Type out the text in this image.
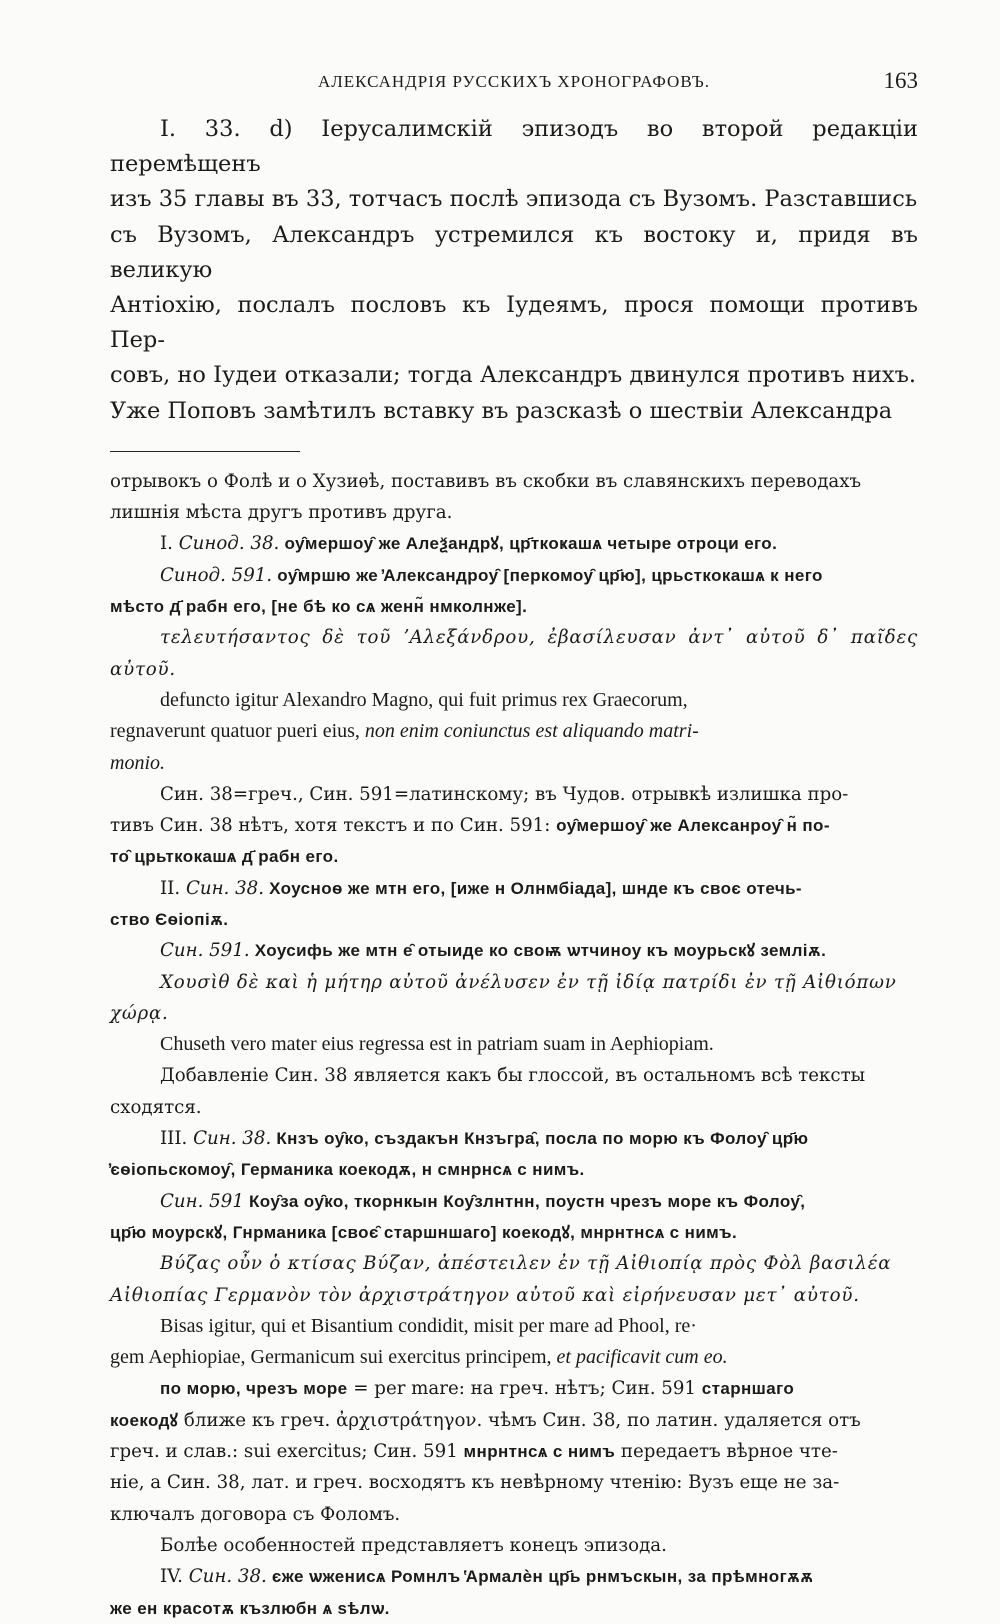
АЛЕКСАНДРІЯ РУССКИХЪ ХРОНОГРАФОВЪ.	163

I. 33. d) Іерусалимскій эпизодъ во второй редакціи перемѣщенъ

изъ 35 главы въ 33, тотчасъ послѣ эпизода съ Вузомъ. Разставшись

съ Вузомъ, Александръ устремился къ востоку и, придя въ великую

Антіохію, послалъ пословъ къ Іудеямъ, прося помощи противъ Пер-

совъ, но Іудеи отказали; тогда Александръ двинулся противъ нихъ.

Уже Поповъ замѣтилъ вставку въ разсказѣ о шествіи Александра

отрывокъ о Фолѣ и о Хузиѳѣ, поставивъ въ скобки въ славянскихъ переводахъ

лишнія мѣста другъ противъ друга.

I. Синод. 38. оу̑мершоу̑ же Алеѯандрꙋ, цр҃ткоҝашѧ четыре отроци его.

Синод. 591. оу̑мршю же ̓Александроу̑ [перкомоу̑ цр҃ю], црьсткокашѧ к него

мѣсто д҃ рабн его, [не бѣ ко сѧ женн̃ нмколнже].

τελευτήσαντος δὲ τοῦ ʼΑλεξάνδρου, ἐβασίλευσαν ἀντ᾿ αὐτοῦ δ᾿ παῖδες αὐτοῦ.

defuncto igitur Alexandro Magno, qui fuit primus rex Graecorum,

regnaverunt quatuor pueri eius, non enim coniunctus est aliquando matri-

monio.

Син. 38=греч., Син. 591=латинскому; въ Чудов. отрывкѣ излишка про-

тивъ Син. 38 нѣтъ, хотя текстъ и по Син. 591: оу̑мершоу̑ же Алексанроу̑ н̃ по-

то̑ црьткокашѧ д҃ рабн его.

II. Син. 38. Хоусноѳ же мтн его, [иже н Олнмбіада], шнде къ своє отечь-

ство Єѳіопіѫ.

Син. 591. Хоусифь же мтн е̑ отыиде ко своѭ ѡтчиноу къ моурьскꙋ земліѫ.

Χουσὶθ δὲ καὶ ἡ μήτηρ αὐτοῦ ἀνέλυσεν ἐν τῇ ἰδίᾳ πατρίδι ἐν τῇ Αἰθιόπων

χώρᾳ.

Chuseth vero mater eius regressa est in patriam suam in Aephiopiam.

Добавленіе Син. 38 является какъ бы глоссой, въ остальномъ всѣ тексты

сходятся.

III. Син. 38. Кнзъ оу̑ко, създакън Кнзъгра̑, посла по морю къ Фолоу̑ цр҃ю

̓єѳіопьскомоу̑, Германика коекодѫ, н смнрнсѧ с нимъ.

Син. 591 Коу̑за оу̑ко, ткорнкын Коу̑злнтнн, поустн чрезъ море къ Фолоу̑,

цр҃ю моурскꙋ, Гнрманика [своє̑ старшншаго] коекодꙋ, мнрнтнсѧ с нимъ.

Βύζας οὖν ὁ κτίσας Βύζαν, ἀπέστειλεν ἐν τῇ Αἰθιοπίᾳ πρὸς Φὸλ βασιλέα

Αἰθιοπίας Γερμανὸν τὸν ἀρχιστράτηγον αὐτοῦ καὶ εἰρήνευσαν μετ᾿ αὐτοῦ.

Bisas igitur, qui et Bisantium condidit, misit per mare ad Phool, re·

gem Aephiopiae, Germanicum sui exercitus principem, et pacificavit cum eo.

по морю, чрезъ море = per mare: на греч. нѣтъ; Син. 591 старншаго

коекодꙋ ближе къ греч. ἀρχιστράτηγον. чѣмъ Син. 38, по латин. удаляется отъ

греч. и слав.: sui exercitus; Син. 591 мнрнтнсѧ с нимъ передаетъ вѣрное чте-

ніе, а Син. 38, лат. и греч. восходятъ къ невѣрному чтенію: Вузъ еще не за-

ключалъ договора съ Фоломъ.

Болѣе особенностей представляетъ конецъ эпизода.

IV. Син. 38. єже ѡженисѧ Ромнлъ ̔Армалѐн цр҃ь рнмъскын, за прѣмногѫѫ

же ен красотѫ къзлюбн ѧ ѕѣлѡ.
